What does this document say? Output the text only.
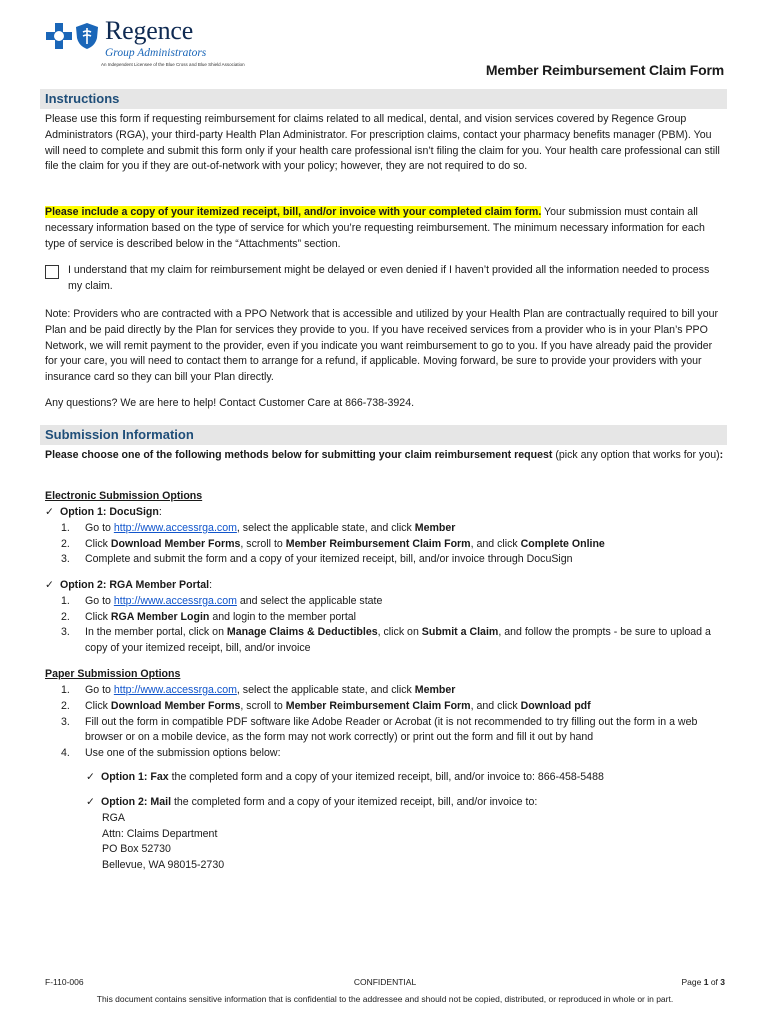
Regence
Group Administrators
An Independent Licensee of the Blue Cross and Blue Shield Association	Member Reimbursement Claim Form
Instructions
Please use this form if requesting reimbursement for claims related to all medical, dental, and vision services covered by Regence Group Administrators (RGA), your third-party Health Plan Administrator. For prescription claims, contact your pharmacy benefits manager (PBM). You will need to complete and submit this form only if your health care professional isn’t filing the claim for you. Your health care professional can still file the claim for you if they are out-of-network with your policy; however, they are not required to do so.
Please include a copy of your itemized receipt, bill, and/or invoice with your completed claim form. Your submission must contain all necessary information based on the type of service for which you’re requesting reimbursement. The minimum necessary information for each type of service is described below in the “Attachments” section.
I understand that my claim for reimbursement might be delayed or even denied if I haven’t provided all the information needed to process my claim.
Note: Providers who are contracted with a PPO Network that is accessible and utilized by your Health Plan are contractually required to bill your Plan and be paid directly by the Plan for services they provide to you. If you have received services from a provider who is in your Plan’s PPO Network, we will remit payment to the provider, even if you indicate you want reimbursement to go to you. If you have already paid the provider for your care, you will need to contact them to arrange for a refund, if applicable. Moving forward, be sure to provide your providers with your insurance card so they can bill your Plan directly.
Any questions? We are here to help! Contact Customer Care at 866-738-3924.
Submission Information
Please choose one of the following methods below for submitting your claim reimbursement request (pick any option that works for you):
Electronic Submission Options
✓ Option 1: DocuSign:
1. Go to http://www.accessrga.com, select the applicable state, and click Member
2. Click Download Member Forms, scroll to Member Reimbursement Claim Form, and click Complete Online
3. Complete and submit the form and a copy of your itemized receipt, bill, and/or invoice through DocuSign
✓ Option 2: RGA Member Portal:
1. Go to http://www.accessrga.com and select the applicable state
2. Click RGA Member Login and login to the member portal
3. In the member portal, click on Manage Claims & Deductibles, click on Submit a Claim, and follow the prompts - be sure to upload a copy of your itemized receipt, bill, and/or invoice
Paper Submission Options
1. Go to http://www.accessrga.com, select the applicable state, and click Member
2. Click Download Member Forms, scroll to Member Reimbursement Claim Form, and click Download pdf
3. Fill out the form in compatible PDF software like Adobe Reader or Acrobat (it is not recommended to try filling out the form in a web browser or on a mobile device, as the form may not work correctly) or print out the form and fill it out by hand
4. Use one of the submission options below:
✓ Option 1: Fax the completed form and a copy of your itemized receipt, bill, and/or invoice to: 866-458-5488
✓ Option 2: Mail the completed form and a copy of your itemized receipt, bill, and/or invoice to:
RGA
Attn: Claims Department
PO Box 52730
Bellevue, WA 98015-2730
F-110-006	CONFIDENTIAL	Page 1 of 3
This document contains sensitive information that is confidential to the addressee and should not be copied, distributed, or reproduced in whole or in part.
